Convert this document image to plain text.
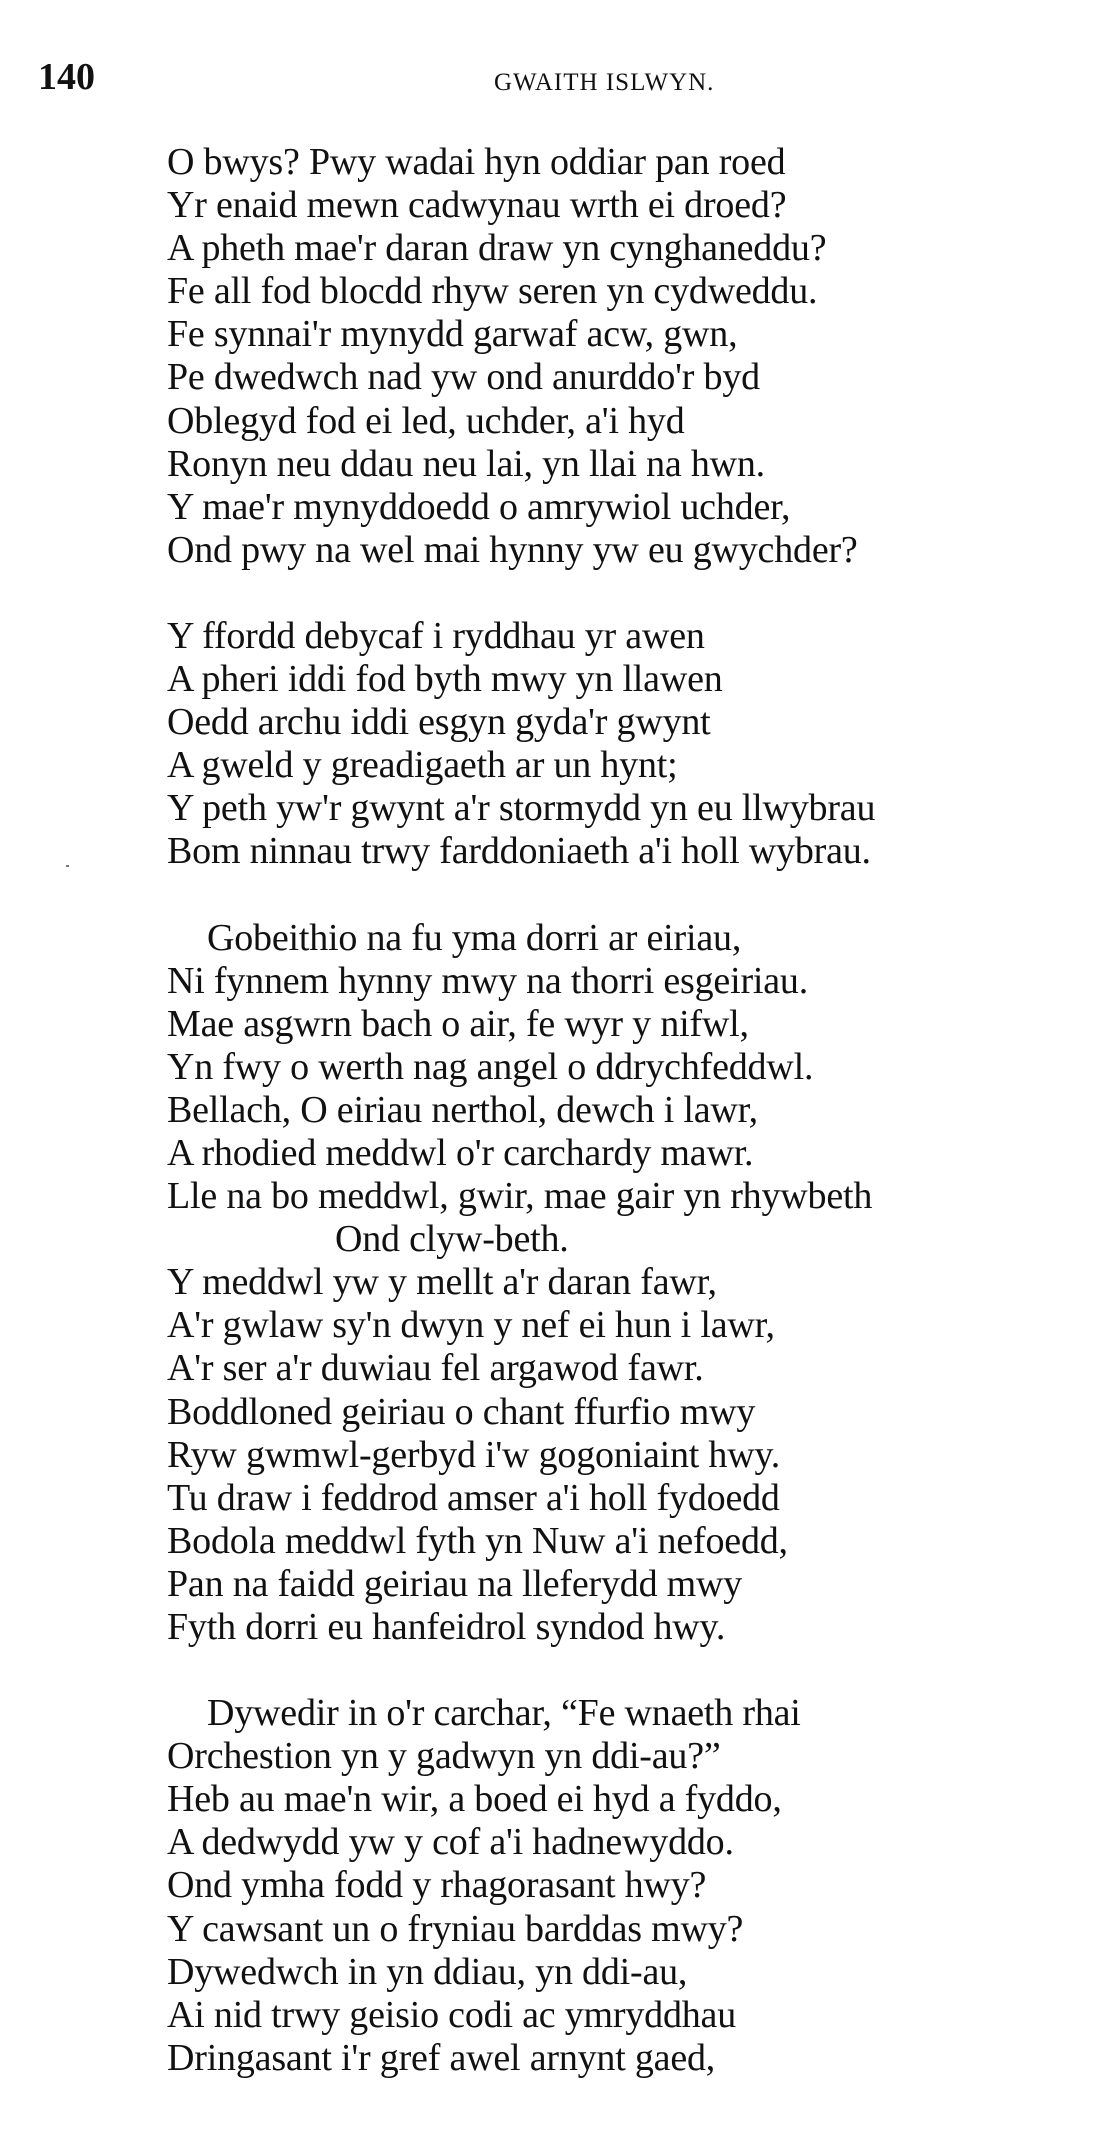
140	GWAITH ISLWYN.
O bwys? Pwy wadai hyn oddiar pan roed
Yr enaid mewn cadwynau wrth ei droed?
A pheth mae'r daran draw yn cynghaneddu?
Fe all fod blocdd rhyw seren yn cydweddu.
Fe synnai'r mynydd garwaf acw, gwn,
Pe dwedwch nad yw ond anurddo'r byd
Oblegyd fod ei led, uchder, a'i hyd
Ronyn neu ddau neu lai, yn llai na hwn.
Y mae'r mynyddoedd o amrywiol uchder,
Ond pwy na wel mai hynny yw eu gwychder?
Y ffordd debycaf i ryddhau yr awen
A pheri iddi fod byth mwy yn llawen
Oedd archu iddi esgyn gyda'r gwynt
A gweld y greadigaeth ar un hynt;
Y peth yw'r gwynt a'r stormydd yn eu llwybrau
Bom ninnau trwy farddoniaeth a'i holl wybrau.
Gobeithio na fu yma dorri ar eiriau,
Ni fynnem hynny mwy na thorri esgeiriau.
Mae asgwrn bach o air, fe wyr y nifwl,
Yn fwy o werth nag angel o ddrychfeddwl.
Bellach, O eiriau nerthol, dewch i lawr,
A rhodied meddwl o'r carchardy mawr.
Lle na bo meddwl, gwir, mae gair yn rhywbeth
Ond clyw-beth.
Y meddwl yw y mellt a'r daran fawr,
A'r gwlaw sy'n dwyn y nef ei hun i lawr,
A'r ser a'r duwiau fel argawod fawr.
Boddloned geiriau o chant ffurfio mwy
Ryw gwmwl-gerbyd i'w gogoniaint hwy.
Tu draw i feddrod amser a'i holl fydoedd
Bodola meddwl fyth yn Nuw a'i nefoedd,
Pan na faidd geiriau na lleferydd mwy
Fyth dorri eu hanfeidrol syndod hwy.
Dywedir in o'r carchar, “Fe wnaeth rhai
Orchestion yn y gadwyn yn ddi-au?”
Heb au mae'n wir, a boed ei hyd a fyddo,
A dedwydd yw y cof a'i hadnewyddo.
Ond ymha fodd y rhagorasant hwy?
Y cawsant un o fryniau barddas mwy?
Dywedwch in yn ddiau, yn ddi-au,
Ai nid trwy geisio codi ac ymryddhau
Dringasant i'r gref awel arnynt gaed,
